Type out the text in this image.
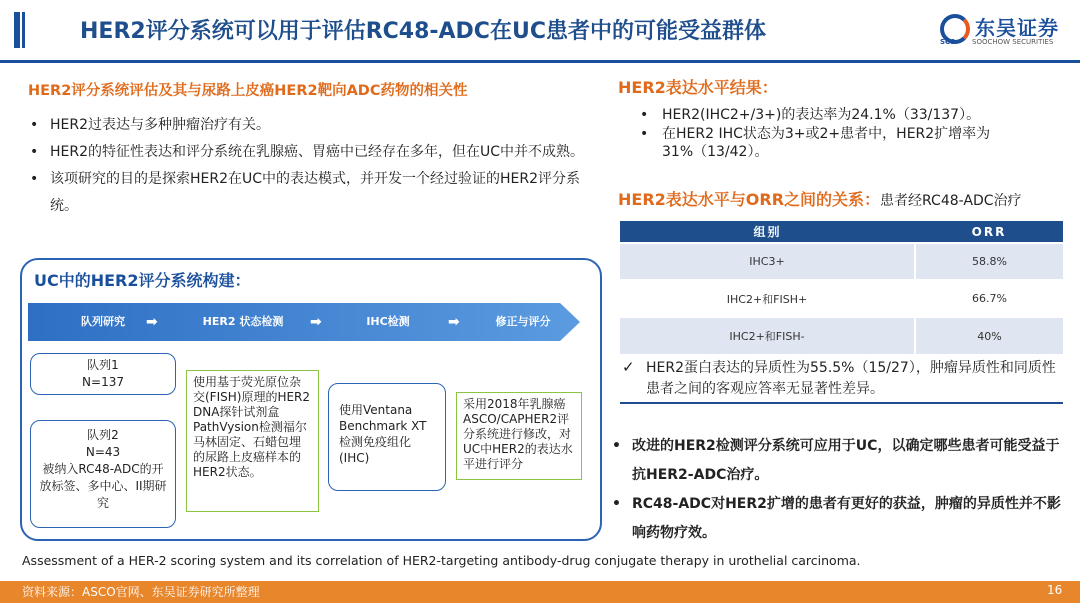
HER2评分系统可以用于评估RC48-ADC在UC患者中的可能受益群体	东吴证券
SCS SOOCHOW SECURITIES
HER2评分系统评估及其与尿路上皮癌HER2靶向ADC药物的相关性
• HER2过表达与多种肿瘤治疗有关。
• HER2的特征性表达和评分系统在乳腺癌、胃癌中已经存在多年，但在UC中并不成熟。
• 该项研究的目的是探索HER2在UC中的表达模式，并开发一个经过验证的HER2评分系统。
UC中的HER2评分系统构建：
队列研究	➡	HER2 状态检测	➡	IHC检测	➡	修正与评分
队列1
N=137
队列2
N=43
被纳入RC48-ADC的开放标签、多中心、II期研究
使用基于荧光原位杂交(FISH)原理的HER2 DNA探针试剂盒PathVysion检测福尔马林固定、石蜡包埋的尿路上皮癌样本的HER2状态。
使用Ventana Benchmark XT检测免疫组化(IHC)
采用2018年乳腺癌ASCO/CAPHER2评分系统进行修改，对UC中HER2的表达水平进行评分
HER2表达水平结果：
• HER2(IHC2+/3+)的表达率为24.1%（33/137）。
• 在HER2 IHC状态为3+或2+患者中，HER2扩增率为31%（13/42）。
HER2表达水平与ORR之间的关系：患者经RC48-ADC治疗
组别	ORR
IHC3+	58.8%
IHC2+和FISH+	66.7%
IHC2+和FISH-	40%
✓ HER2蛋白表达的异质性为55.5%（15/27），肿瘤异质性和同质性患者之间的客观应答率无显著性差异。
• 改进的HER2检测评分系统可应用于UC，以确定哪些患者可能受益于抗HER2-ADC治疗。
• RC48-ADC对HER2扩增的患者有更好的获益，肿瘤的异质性并不影响药物疗效。
Assessment of a HER-2 scoring system and its correlation of HER2-targeting antibody-drug conjugate therapy in urothelial carcinoma.
资料来源：ASCO官网、东吴证券研究所整理	16
